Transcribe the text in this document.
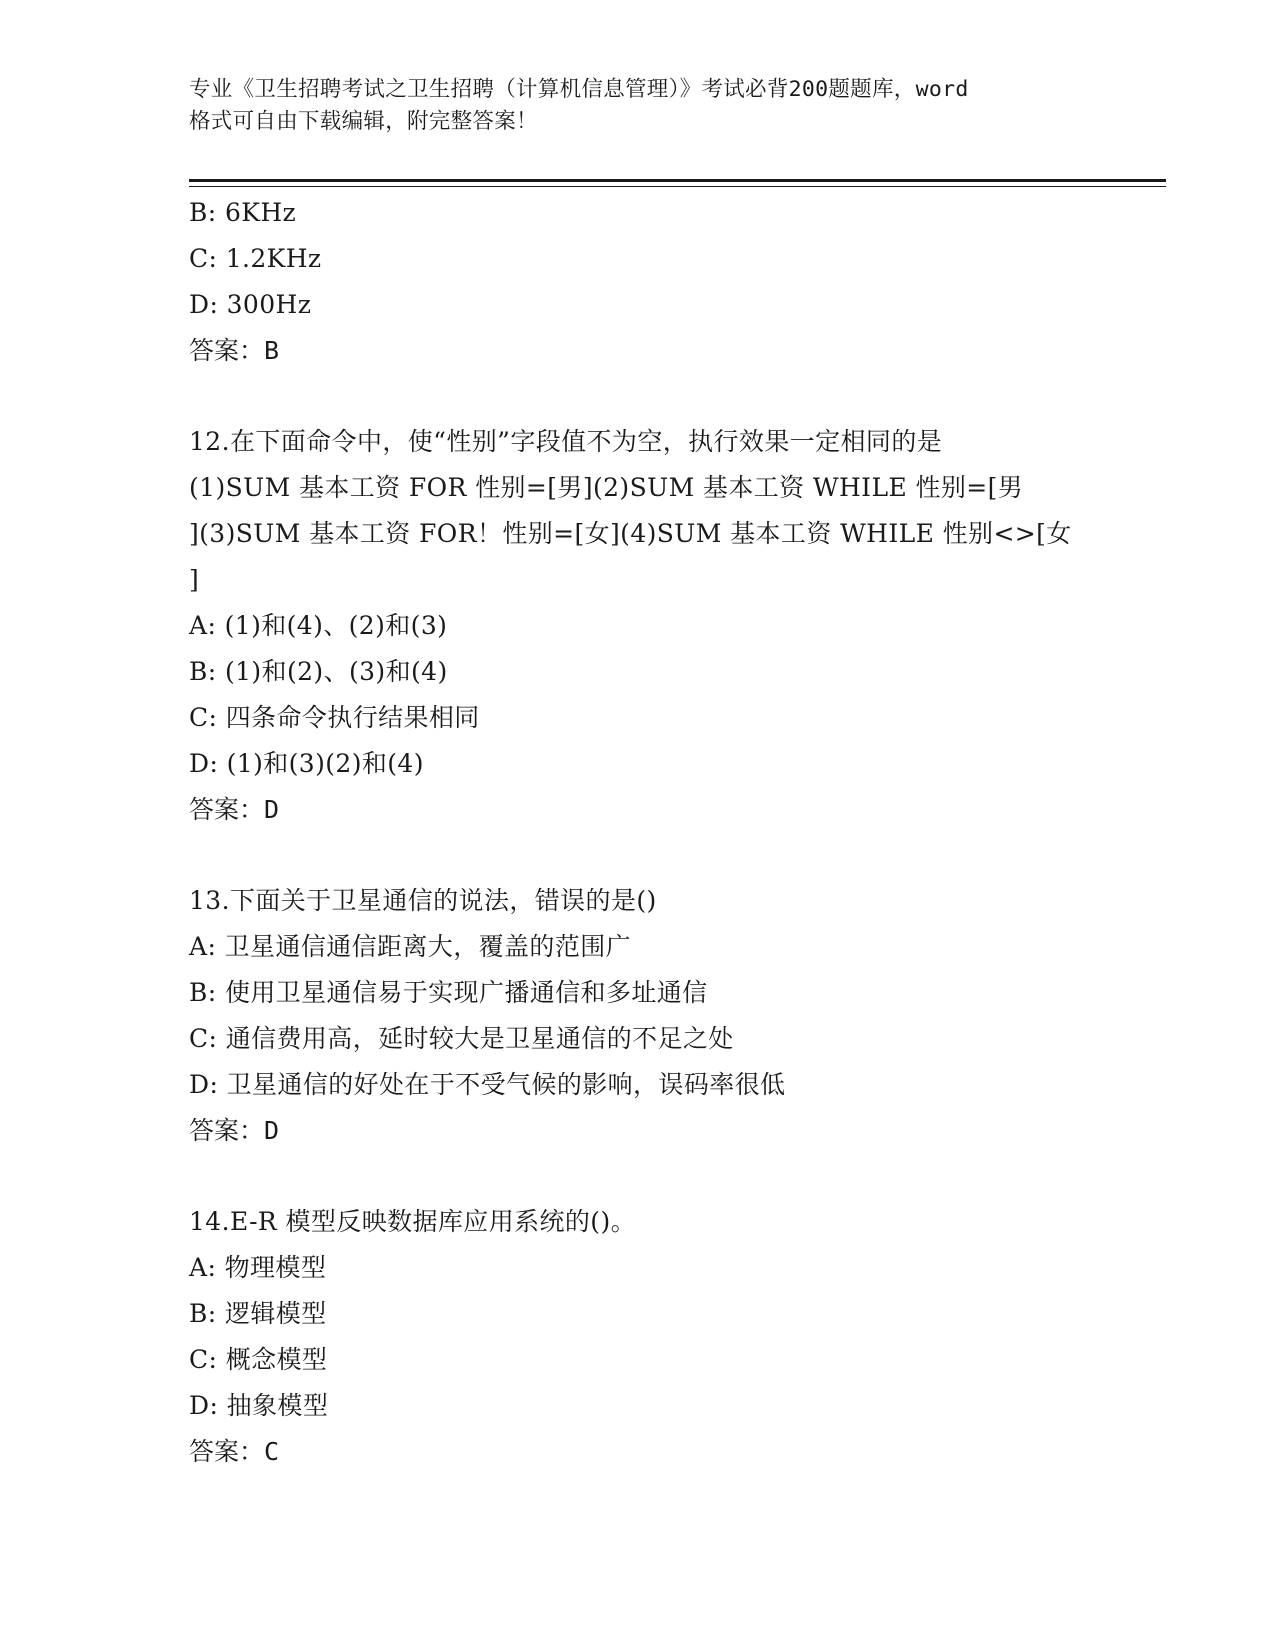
专业《卫生招聘考试之卫生招聘（计算机信息管理）》考试必背200题题库，word
格式可自由下载编辑，附完整答案！
B: 6KHz
C: 1.2KHz
D: 300Hz
答案：B
12.在下面命令中，使“性别”字段值不为空，执行效果一定相同的是
(1)SUM 基本工资 FOR 性别=[男](2)SUM 基本工资 WHILE 性别=[男
](3)SUM 基本工资 FOR！性别=[女](4)SUM 基本工资 WHILE 性别<>[女
]
A: (1)和(4)、(2)和(3)
B: (1)和(2)、(3)和(4)
C: 四条命令执行结果相同
D: (1)和(3)(2)和(4)
答案：D
13.下面关于卫星通信的说法，错误的是()
A: 卫星通信通信距离大，覆盖的范围广
B: 使用卫星通信易于实现广播通信和多址通信
C: 通信费用高，延时较大是卫星通信的不足之处
D: 卫星通信的好处在于不受气候的影响，误码率很低
答案：D
14.E-R 模型反映数据库应用系统的()。
A: 物理模型
B: 逻辑模型
C: 概念模型
D: 抽象模型
答案：C
